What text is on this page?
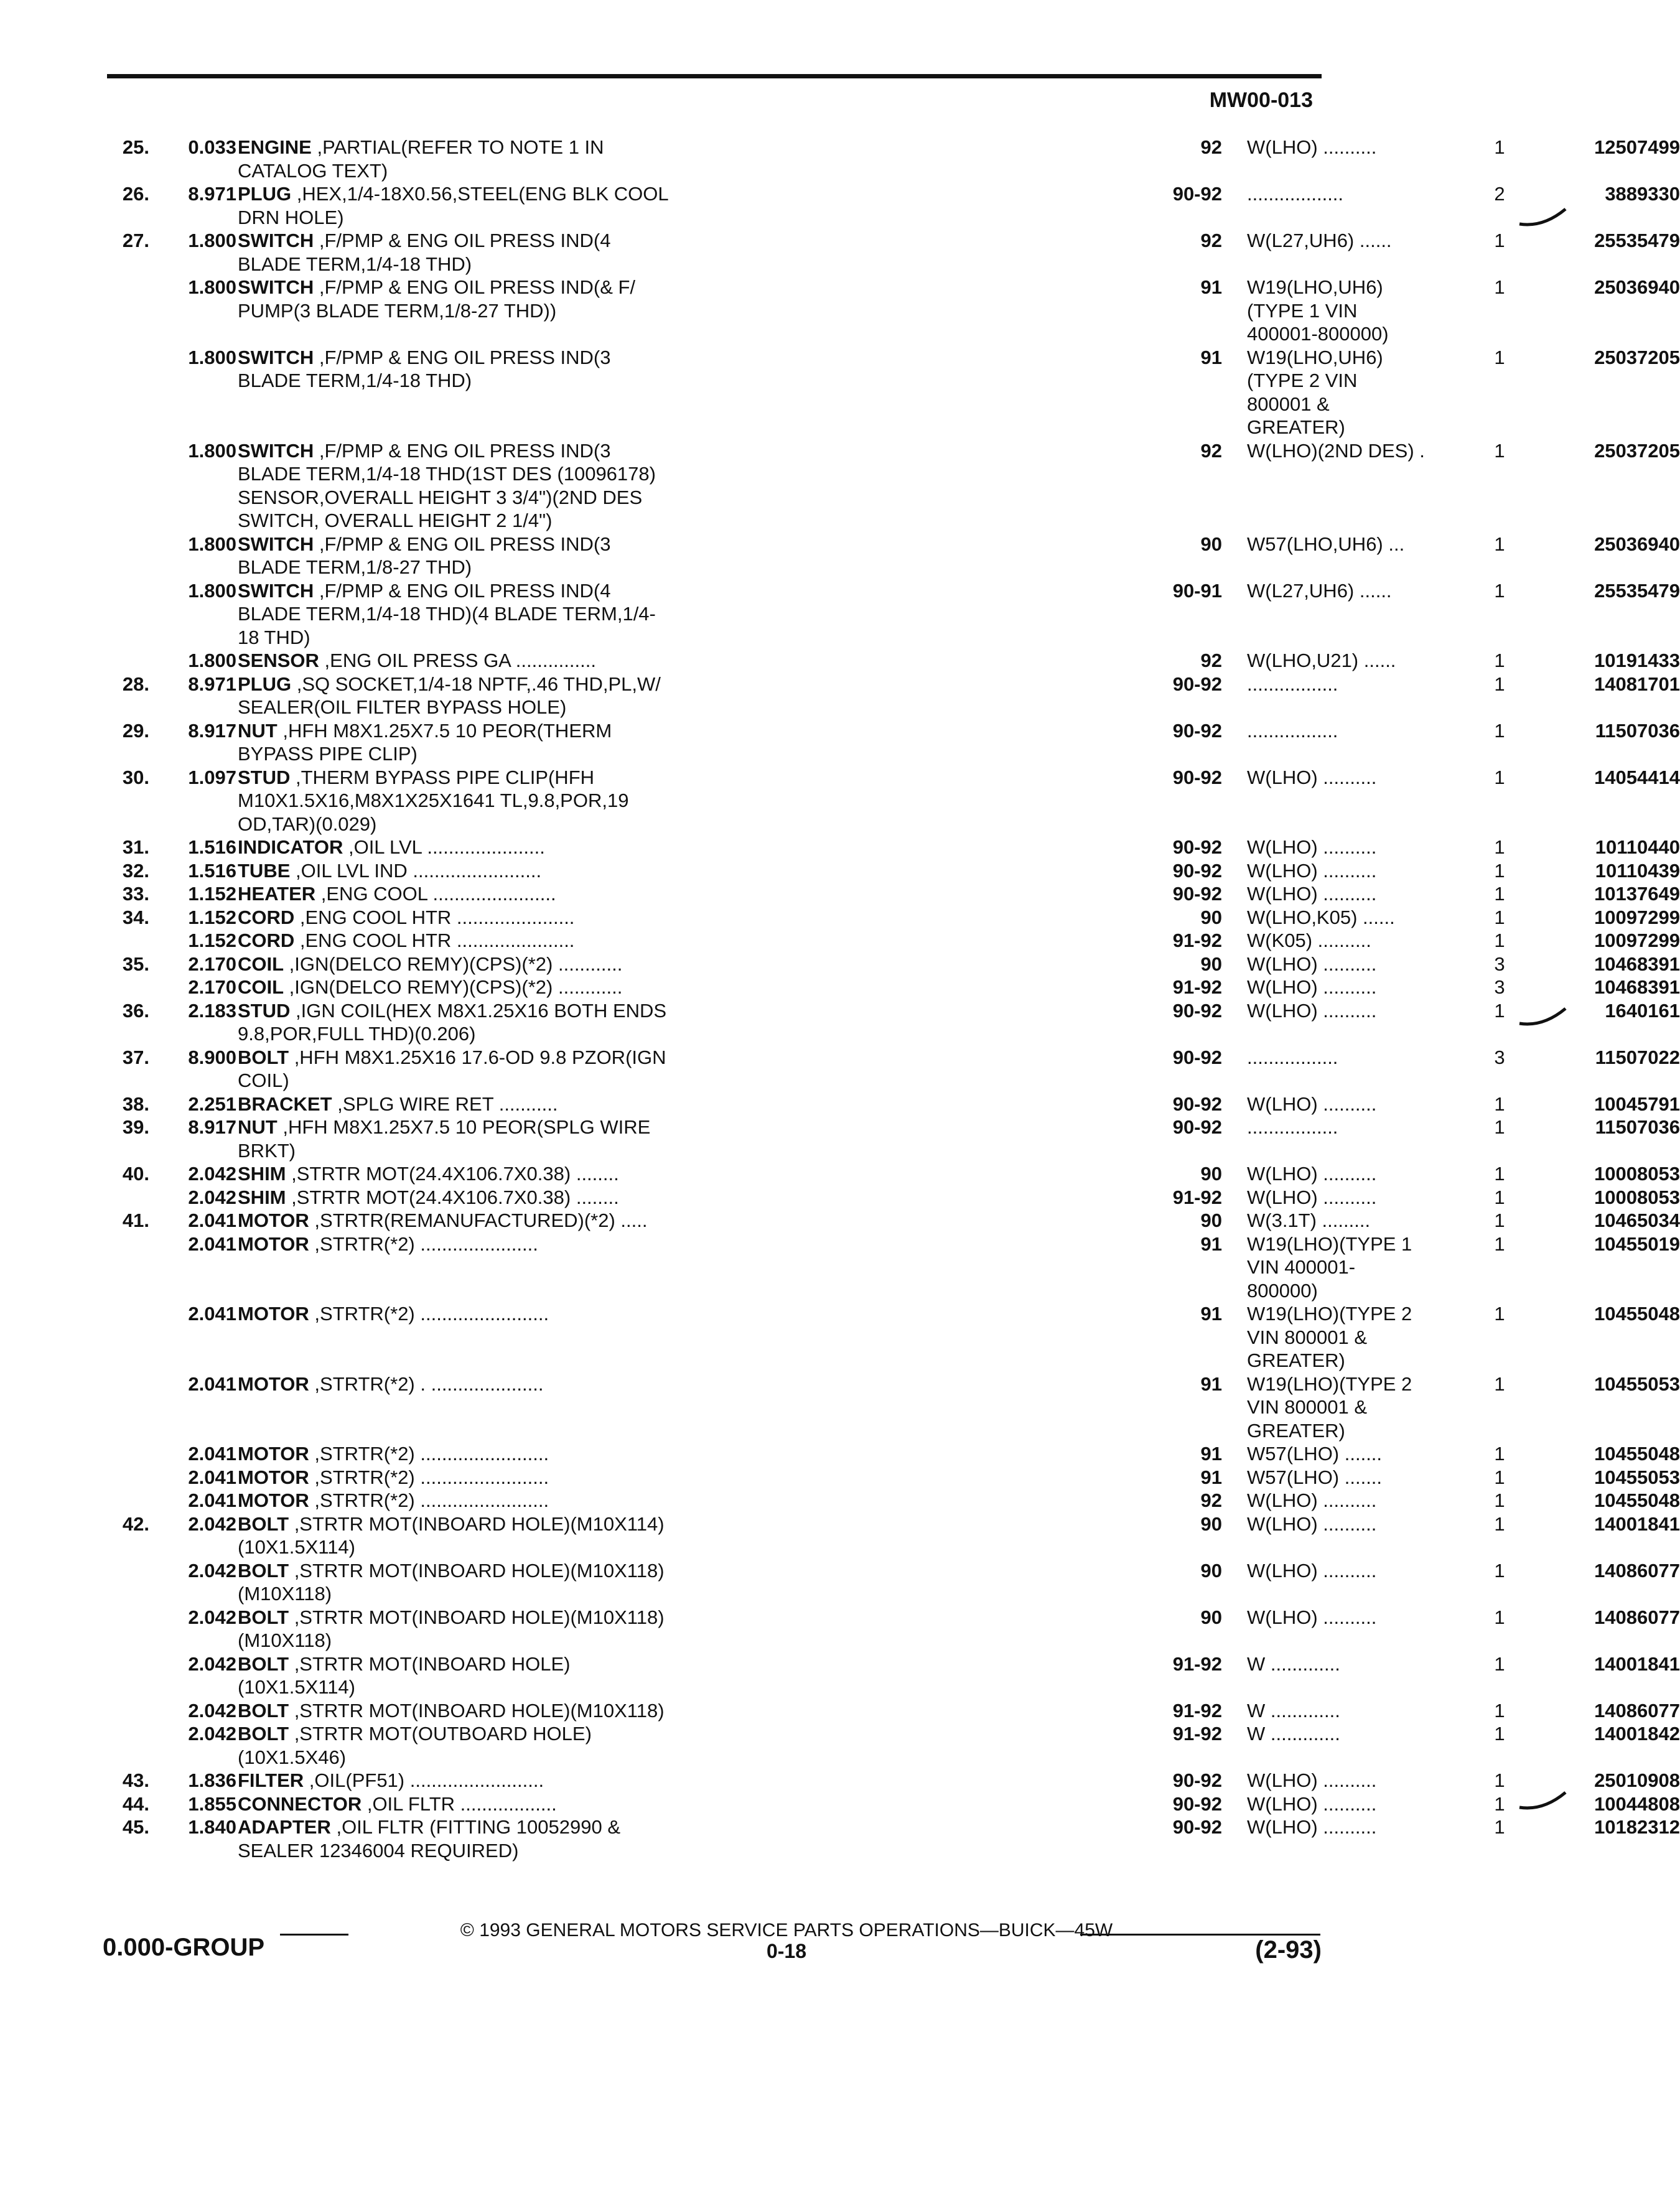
MW00-013
25.	0.033 ENGINE ,PARTIAL(REFER TO NOTE 1 IN
CATALOG TEXT)
92	W(LHO) ..........	1	12507499
26.	8.971 PLUG ,HEX,1/4-18X0.56,STEEL(ENG BLK COOL
DRN HOLE)
90-92	..................	2	3889330
27.	1.800 SWITCH ,F/PMP & ENG OIL PRESS IND(4
BLADE TERM,1/4-18 THD)
92	W(L27,UH6) ......	1	25535479
1.800 SWITCH ,F/PMP & ENG OIL PRESS IND(& F/
PUMP(3 BLADE TERM,1/8-27 THD))
91	W19(LHO,UH6)
(TYPE 1 VIN
400001-800000)
1	25036940
1.800 SWITCH ,F/PMP & ENG OIL PRESS IND(3
BLADE TERM,1/4-18 THD)
91	W19(LHO,UH6)
(TYPE 2 VIN
800001 &
GREATER)
1	25037205
1.800 SWITCH ,F/PMP & ENG OIL PRESS IND(3
BLADE TERM,1/4-18 THD(1ST DES (10096178)
SENSOR,OVERALL HEIGHT 3 3/4")(2ND DES
SWITCH, OVERALL HEIGHT 2 1/4")
92	W(LHO)(2ND DES) .	1	25037205
1.800 SWITCH ,F/PMP & ENG OIL PRESS IND(3
BLADE TERM,1/8-27 THD)
90	W57(LHO,UH6) ...	1	25036940
1.800 SWITCH ,F/PMP & ENG OIL PRESS IND(4
BLADE TERM,1/4-18 THD)(4 BLADE TERM,1/4-
18 THD)
90-91	W(L27,UH6) ......	1	25535479
1.800 SENSOR ,ENG OIL PRESS GA ...............	92	W(LHO,U21) ......	1	10191433
28.	8.971 PLUG ,SQ SOCKET,1/4-18 NPTF,.46 THD,PL,W/
SEALER(OIL FILTER BYPASS HOLE)
90-92	.................	1	14081701
29.	8.917 NUT ,HFH M8X1.25X7.5 10 PEOR(THERM
BYPASS PIPE CLIP)
90-92	.................	1	11507036
30.	1.097 STUD ,THERM BYPASS PIPE CLIP(HFH
M10X1.5X16,M8X1X25X1641 TL,9.8,POR,19
OD,TAR)(0.029)
90-92	W(LHO) ..........	1	14054414
31.	1.516 INDICATOR ,OIL LVL ......................	90-92	W(LHO) ..........	1	10110440
32.	1.516 TUBE ,OIL LVL IND ........................	90-92	W(LHO) ..........	1	10110439
33.	1.152 HEATER ,ENG COOL .......................	90-92	W(LHO) ..........	1	10137649
34.	1.152 CORD ,ENG COOL HTR ......................	90	W(LHO,K05) ......	1	10097299
1.152 CORD ,ENG COOL HTR ......................	91-92	W(K05) ..........	1	10097299
35.	2.170 COIL ,IGN(DELCO REMY)(CPS)(*2) ............	90	W(LHO) ..........	3	10468391
2.170 COIL ,IGN(DELCO REMY)(CPS)(*2) ............	91-92	W(LHO) ..........	3	10468391
36.	2.183 STUD ,IGN COIL(HEX M8X1.25X16 BOTH ENDS
9.8,POR,FULL THD)(0.206)
90-92	W(LHO) ..........	1	1640161
37.	8.900 BOLT ,HFH M8X1.25X16 17.6-OD 9.8 PZOR(IGN
COIL)
90-92	.................	3	11507022
38.	2.251 BRACKET ,SPLG WIRE RET ...........	90-92	W(LHO) ..........	1	10045791
39.	8.917 NUT ,HFH M8X1.25X7.5 10 PEOR(SPLG WIRE
BRKT)
90-92	.................	1	11507036
40.	2.042 SHIM ,STRTR MOT(24.4X106.7X0.38) ........	90	W(LHO) ..........	1	10008053
2.042 SHIM ,STRTR MOT(24.4X106.7X0.38) ........	91-92	W(LHO) ..........	1	10008053
41.	2.041 MOTOR ,STRTR(REMANUFACTURED)(*2) .....	90	W(3.1T) .........	1	10465034
2.041 MOTOR ,STRTR(*2) ......................	91	W19(LHO)(TYPE 1
VIN 400001-
800000)
1	10455019
2.041 MOTOR ,STRTR(*2) ........................	91	W19(LHO)(TYPE 2
VIN 800001 &
GREATER)
1	10455048
2.041 MOTOR ,STRTR(*2) . .....................	91	W19(LHO)(TYPE 2
VIN 800001 &
GREATER)
1	10455053
2.041 MOTOR ,STRTR(*2) ........................	91	W57(LHO) .......	1	10455048
2.041 MOTOR ,STRTR(*2) ........................	91	W57(LHO) .......	1	10455053
2.041 MOTOR ,STRTR(*2) ........................	92	W(LHO) ..........	1	10455048
42.	2.042 BOLT ,STRTR MOT(INBOARD HOLE)(M10X114)
(10X1.5X114)
90	W(LHO) ..........	1	14001841
2.042 BOLT ,STRTR MOT(INBOARD HOLE)(M10X118)
(M10X118)
90	W(LHO) ..........	1	14086077
2.042 BOLT ,STRTR MOT(INBOARD HOLE)(M10X118)
(M10X118)
90	W(LHO) ..........	1	14086077
2.042 BOLT ,STRTR MOT(INBOARD HOLE)
(10X1.5X114)
91-92	W .............	1	14001841
2.042 BOLT ,STRTR MOT(INBOARD HOLE)(M10X118)	91-92	W .............	1	14086077
2.042 BOLT ,STRTR MOT(OUTBOARD HOLE)
(10X1.5X46)
91-92	W .............	1	14001842
43.	1.836 FILTER ,OIL(PF51) .........................	90-92	W(LHO) ..........	1	25010908
44.	1.855 CONNECTOR ,OIL FLTR ..................	90-92	W(LHO) ..........	1	10044808
45.	1.840 ADAPTER ,OIL FLTR (FITTING 10052990 &
SEALER 12346004 REQUIRED)
90-92	W(LHO) ..........	1	10182312
© 1993 GENERAL MOTORS SERVICE PARTS OPERATIONS—BUICK—45W
0.000-GROUP	0-18	(2-93)
